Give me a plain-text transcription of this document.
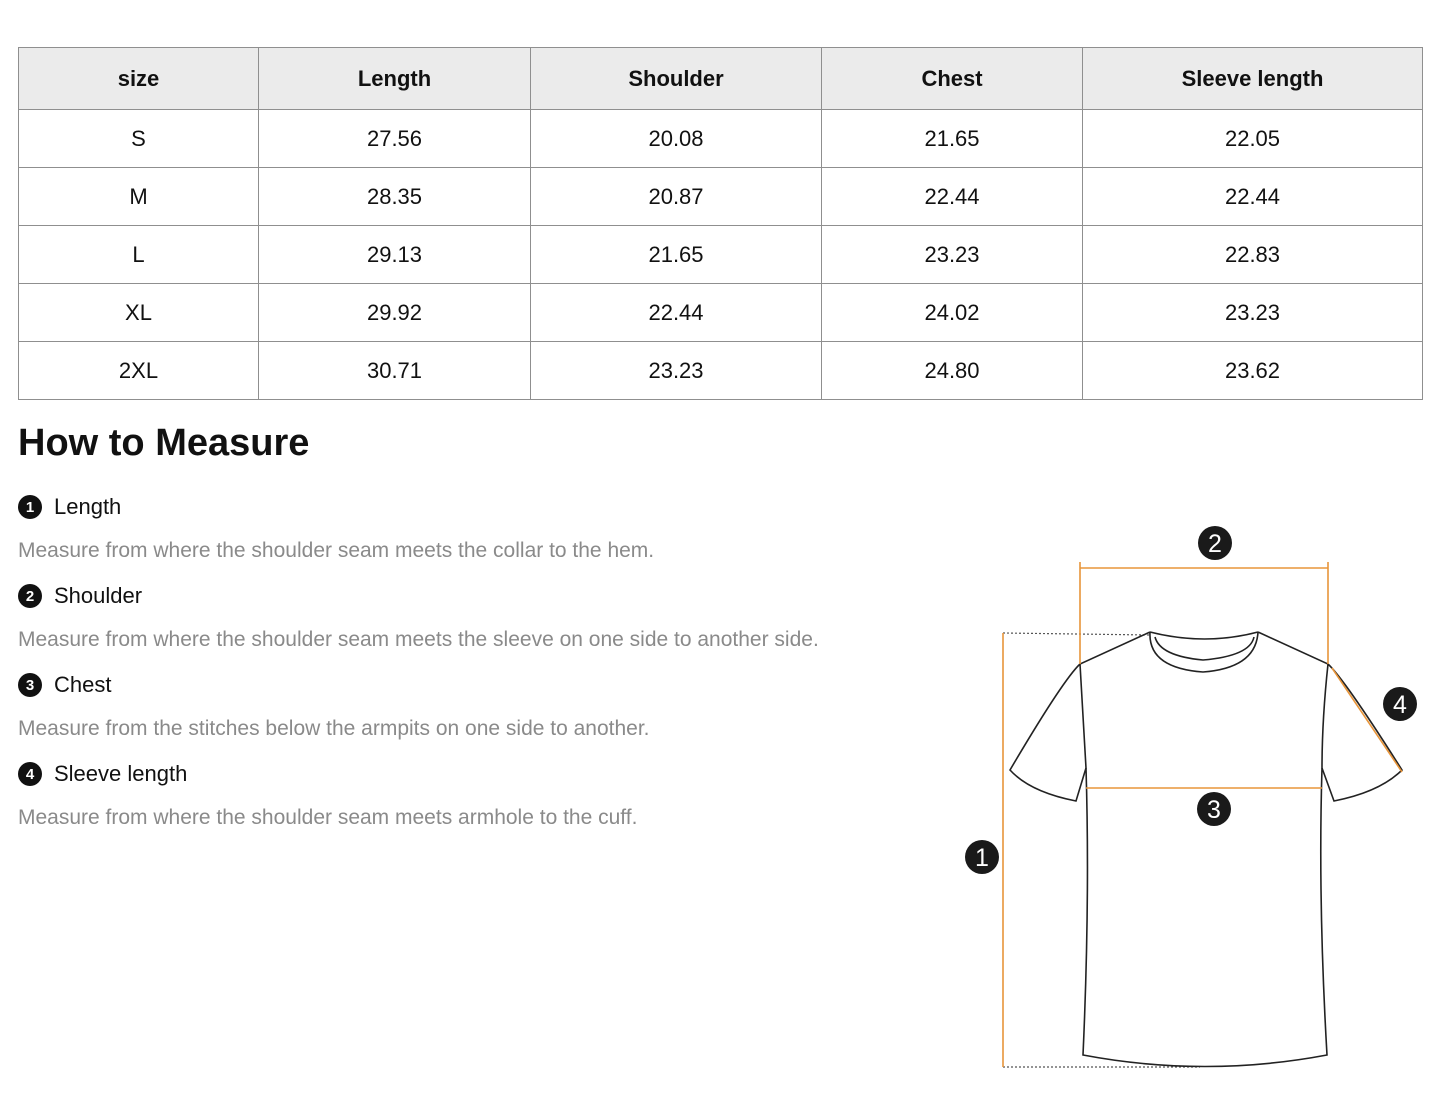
size	Length	Shoulder	Chest	Sleeve length
S	27.56	20.08	21.65	22.05
M	28.35	20.87	22.44	22.44
L	29.13	21.65	23.23	22.83
XL	29.92	22.44	24.02	23.23
2XL	30.71	23.23	24.80	23.62
How to Measure
1 Length
Measure from where the shoulder seam meets the collar to the hem.
2 Shoulder
Measure from where the shoulder seam meets the sleeve on one side to another side.
3 Chest
Measure from the stitches below the armpits on one side to another.
4 Sleeve length
Measure from where the shoulder seam meets armhole to the cuff.
1
2
3
4
